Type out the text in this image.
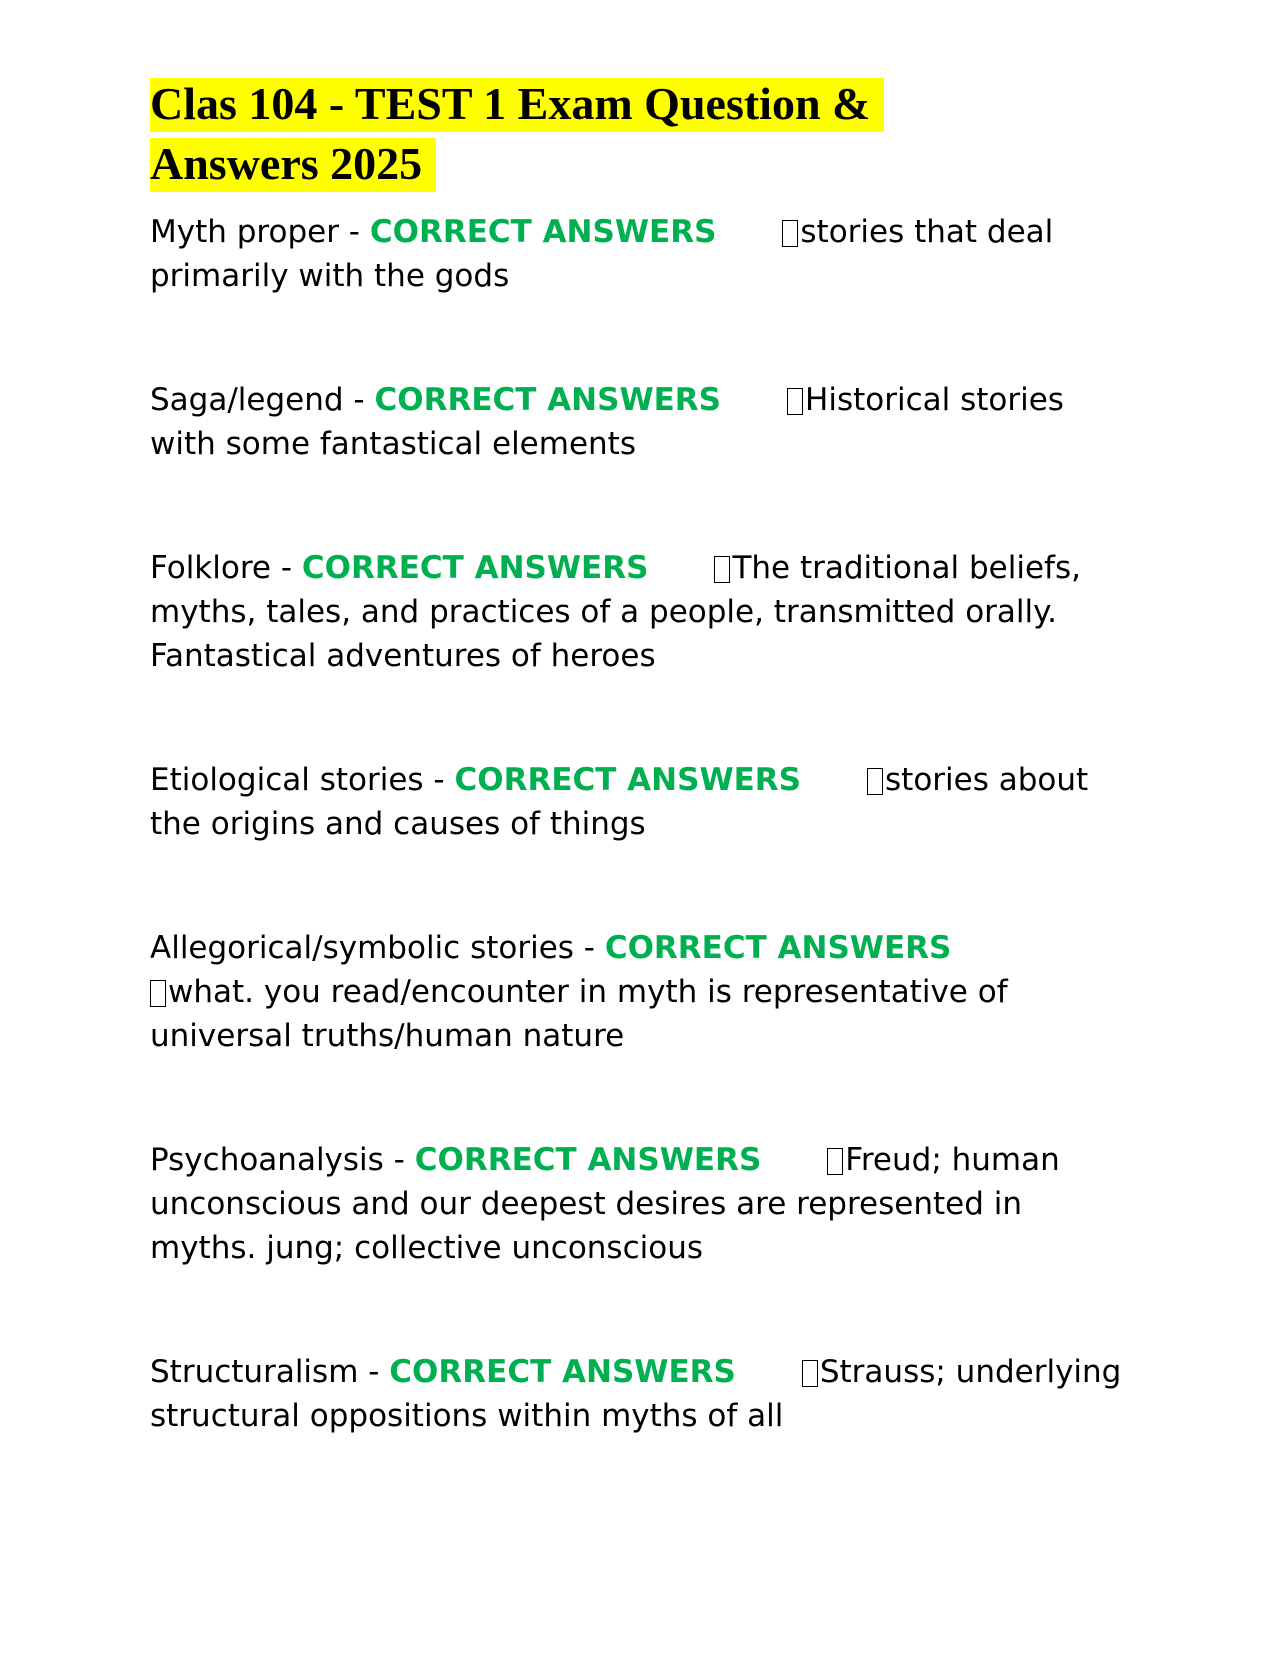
Clas 104 - TEST 1 Exam Question &
Answers 2025
Myth proper - CORRECT ANSWERS	stories that deal primarily with the gods
Saga/legend - CORRECT ANSWERS	Historical stories with some fantastical elements
Folklore - CORRECT ANSWERS	The traditional beliefs, myths, tales, and practices of a people, transmitted orally. Fantastical adventures of heroes
Etiological stories - CORRECT ANSWERS	stories about the origins and causes of things
Allegorical/symbolic stories - CORRECT ANSWERS
what. you read/encounter in myth is representative of universal truths/human nature
Psychoanalysis - CORRECT ANSWERS	Freud; human unconscious and our deepest desires are represented in myths. jung; collective unconscious
Structuralism - CORRECT ANSWERS	Strauss; underlying structural oppositions within myths of all
